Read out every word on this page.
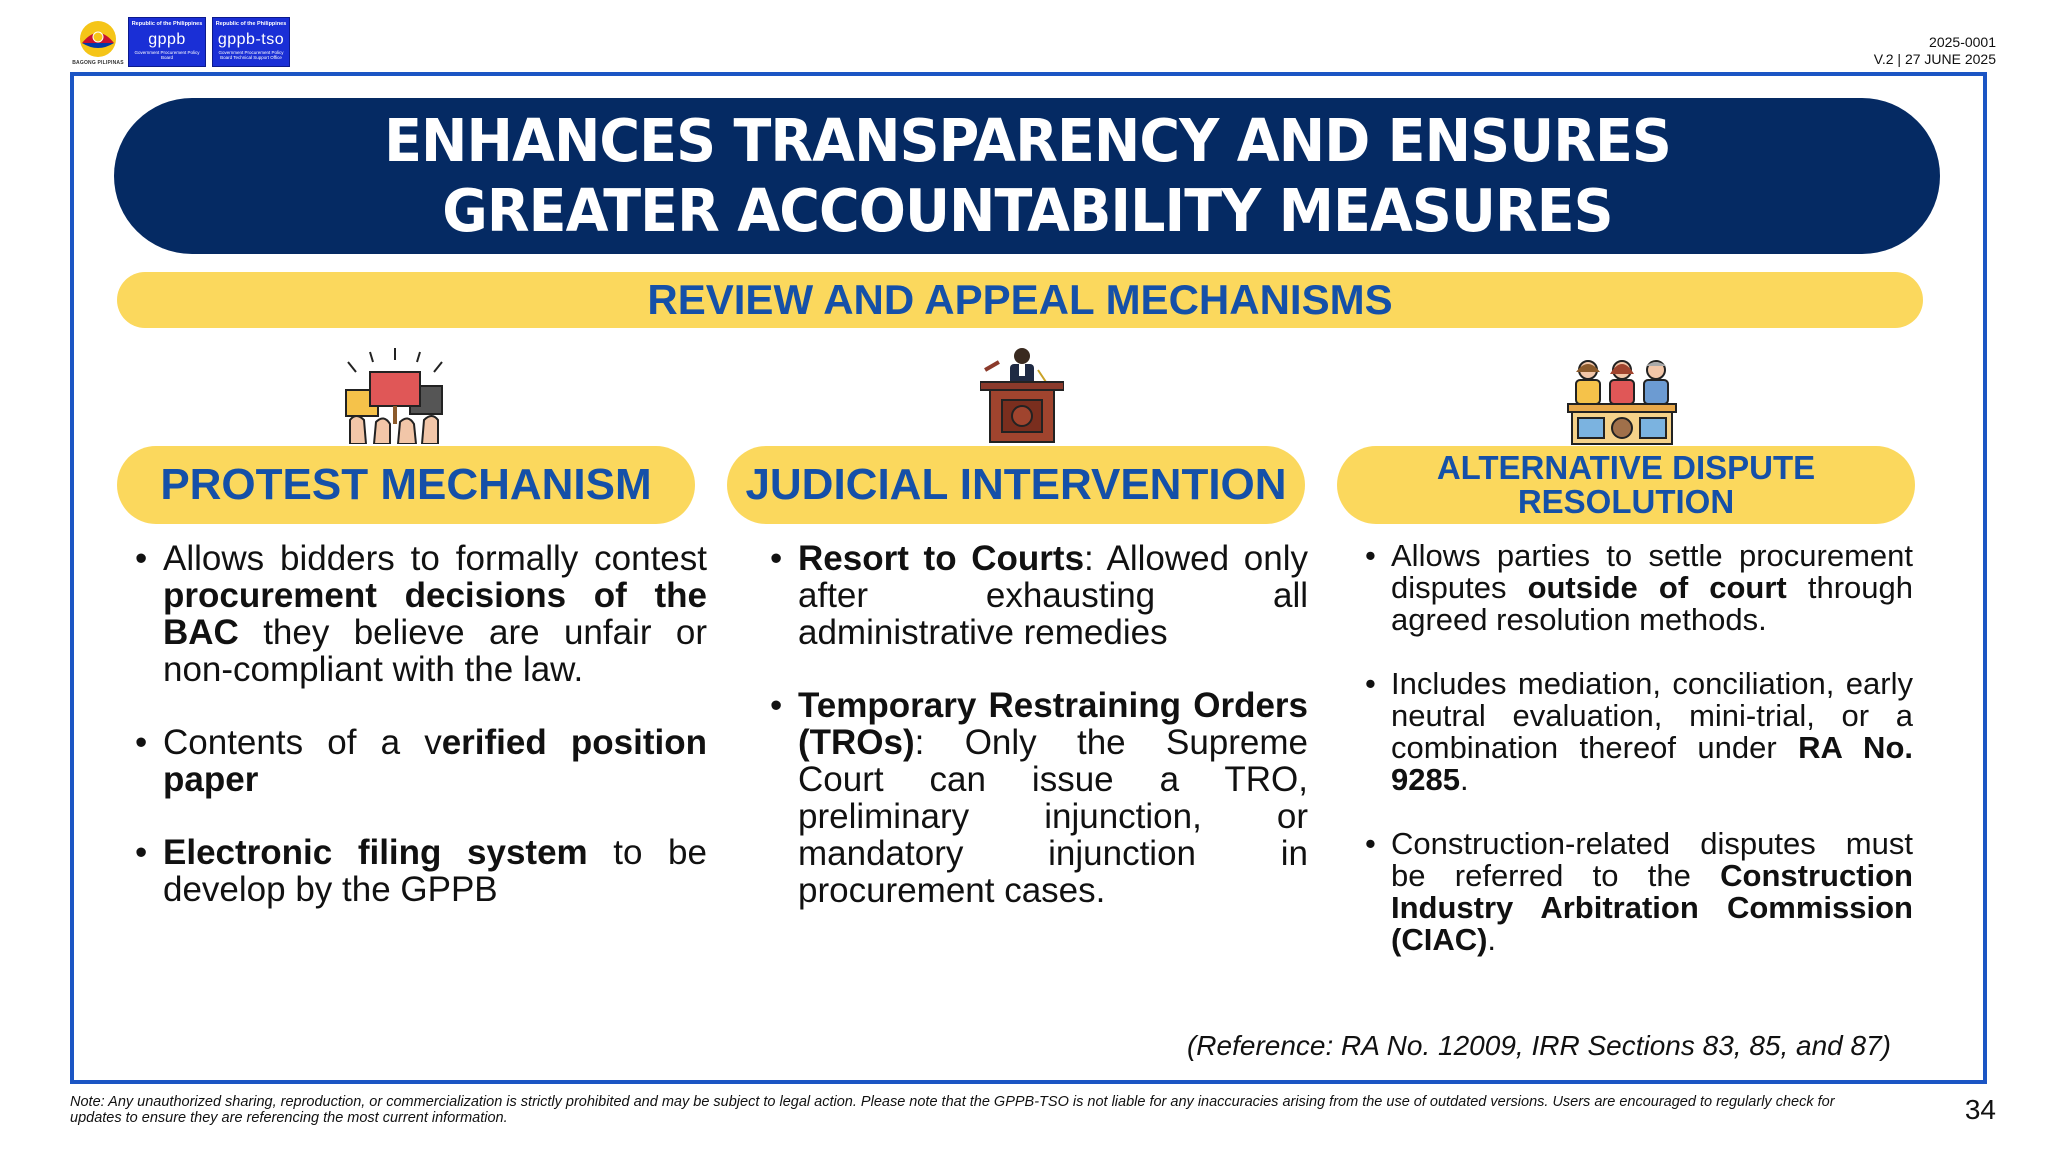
BAGONG PILIPINAS
Republic of the Philippines
gppb
Government Procurement Policy Board
Republic of the Philippines
gppb-tso
Government Procurement Policy Board Technical Support Office
2025-0001
V.2 | 27 JUNE 2025
ENHANCES TRANSPARENCY AND ENSURES
GREATER ACCOUNTABILITY MEASURES
REVIEW AND APPEAL MECHANISMS
PROTEST MECHANISM	JUDICIAL INTERVENTION	ALTERNATIVE DISPUTE
RESOLUTION
• Allows bidders to formally contest procurement decisions of the BAC they believe are unfair or non-compliant with the law.
• Contents of a verified position paper
• Electronic filing system to be develop by the GPPB
• Resort to Courts: Allowed only after exhausting all administrative remedies
• Temporary Restraining Orders (TROs): Only the Supreme Court can issue a TRO, preliminary injunction, or mandatory injunction in procurement cases.
• Allows parties to settle procurement disputes outside of court through agreed resolution methods.
• Includes mediation, conciliation, early neutral evaluation, mini-trial, or a combination thereof under RA No. 9285.
• Construction-related disputes must be referred to the Construction Industry Arbitration Commission (CIAC).
(Reference: RA No. 12009, IRR Sections 83, 85, and 87)
Note: Any unauthorized sharing, reproduction, or commercialization is strictly prohibited and may be subject to legal action. Please note that the GPPB-TSO is not liable for any inaccuracies arising from the use of outdated versions. Users are encouraged to regularly check for updates to ensure they are referencing the most current information.	34
